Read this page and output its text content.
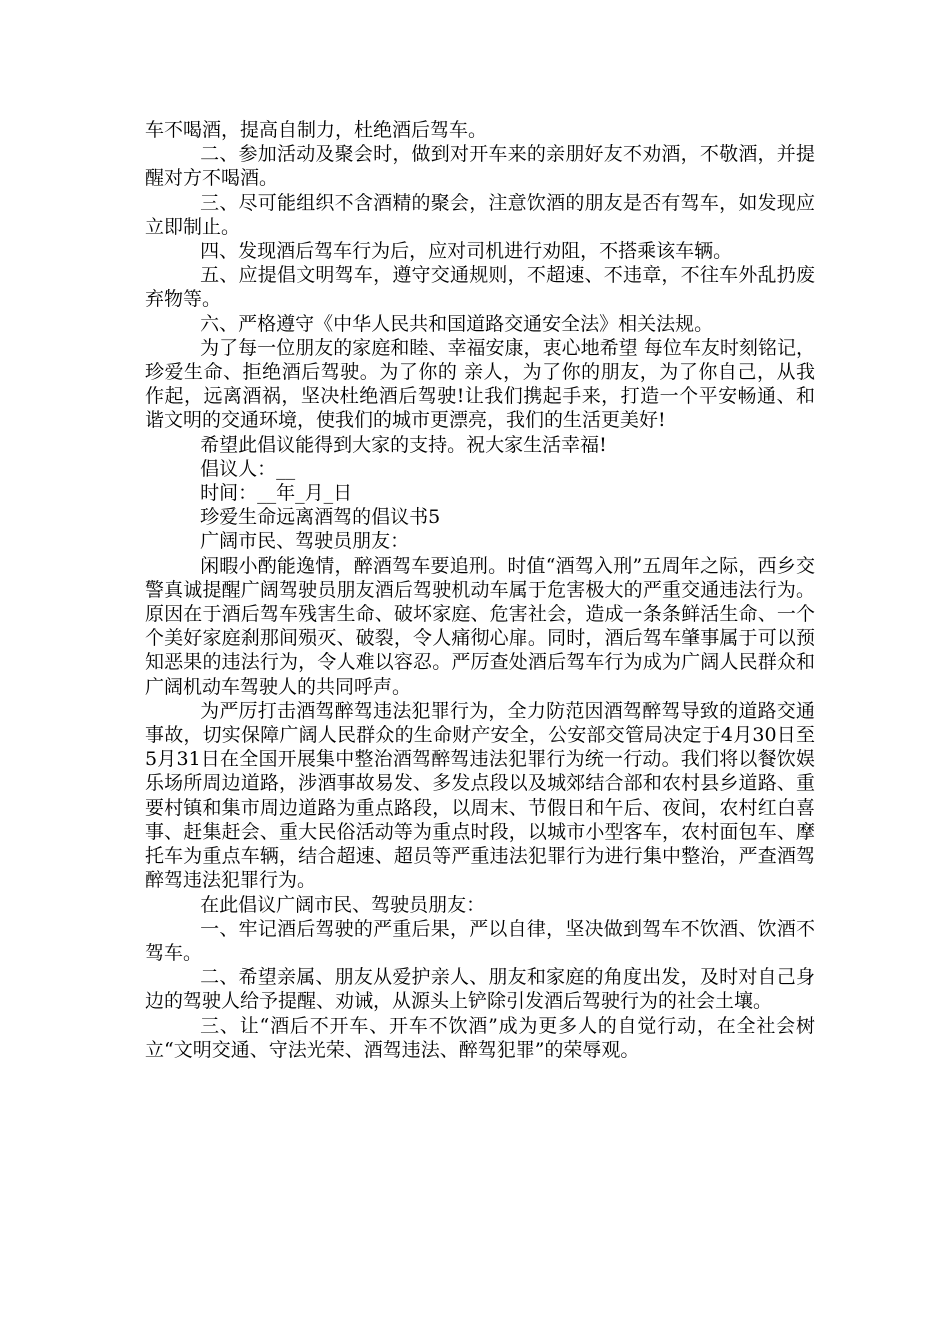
车不喝酒，提高自制力，杜绝酒后驾车。

二、参加活动及聚会时，做到对开车来的亲朋好友不劝酒，不敬酒，并提醒对方不喝酒。

三、尽可能组织不含酒精的聚会，注意饮酒的朋友是否有驾车，如发现应立即制止。

四、发现酒后驾车行为后，应对司机进行劝阻，不搭乘该车辆。

五、应提倡文明驾车，遵守交通规则，不超速、不违章，不往车外乱扔废弃物等。

六、严格遵守《中华人民共和国道路交通安全法》相关法规。

为了每一位朋友的家庭和睦、幸福安康，衷心地希望 每位车友时刻铭记，珍爱生命、拒绝酒后驾驶。为了你的 亲人，为了你的朋友，为了你自己，从我作起，远离酒祸，坚决杜绝酒后驾驶!让我们携起手来，打造一个平安畅通、和谐文明的交通环境，使我们的城市更漂亮，我们的生活更美好!

希望此倡议能得到大家的支持。祝大家生活幸福!

倡议人：__

时间：__年_月_日

珍爱生命远离酒驾的倡议书5

广阔市民、驾驶员朋友：

闲暇小酌能逸情，醉酒驾车要追刑。时值“酒驾入刑”五周年之际，西乡交警真诚提醒广阔驾驶员朋友酒后驾驶机动车属于危害极大的严重交通违法行为。原因在于酒后驾车残害生命、破坏家庭、危害社会，造成一条条鲜活生命、一个个美好家庭刹那间殒灭、破裂，令人痛彻心扉。同时，酒后驾车肇事属于可以预知恶果的违法行为，令人难以容忍。严厉查处酒后驾车行为成为广阔人民群众和广阔机动车驾驶人的共同呼声。

为严厉打击酒驾醉驾违法犯罪行为，全力防范因酒驾醉驾导致的道路交通事故，切实保障广阔人民群众的生命财产安全，公安部交管局决定于4月30日至5月31日在全国开展集中整治酒驾醉驾违法犯罪行为统一行动。我们将以餐饮娱乐场所周边道路，涉酒事故易发、多发点段以及城郊结合部和农村县乡道路、重要村镇和集市周边道路为重点路段，以周末、节假日和午后、夜间，农村红白喜事、赶集赶会、重大民俗活动等为重点时段，以城市小型客车，农村面包车、摩托车为重点车辆，结合超速、超员等严重违法犯罪行为进行集中整治，严查酒驾醉驾违法犯罪行为。

在此倡议广阔市民、驾驶员朋友：

一、牢记酒后驾驶的严重后果，严以自律，坚决做到驾车不饮酒、饮酒不驾车。

二、希望亲属、朋友从爱护亲人、朋友和家庭的角度出发，及时对自己身边的驾驶人给予提醒、劝诫，从源头上铲除引发酒后驾驶行为的社会土壤。

三、让“酒后不开车、开车不饮酒”成为更多人的自觉行动，在全社会树立“文明交通、守法光荣、酒驾违法、醉驾犯罪”的荣辱观。
